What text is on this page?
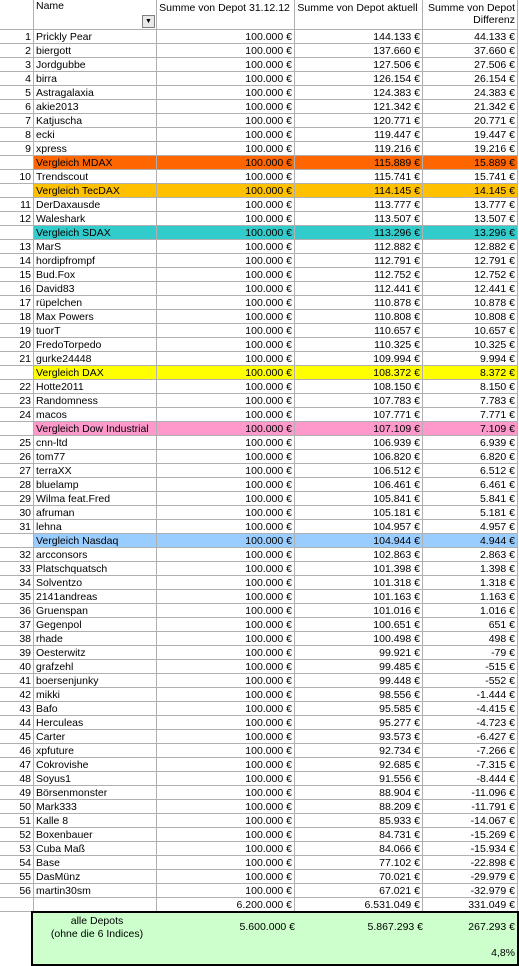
Name
▼
Summe von Depot 31.12.12 Summe von Depot aktuell Summe von Depot Differenz
1 Prickly Pear	100.000 €	144.133 €	44.133 €
2 biergott	100.000 €	137.660 €	37.660 €
3 Jordgubbe	100.000 €	127.506 €	27.506 €
4 birra	100.000 €	126.154 €	26.154 €
5 Astragalaxia	100.000 €	124.383 €	24.383 €
6 akie2013	100.000 €	121.342 €	21.342 €
7 Katjuscha	100.000 €	120.771 €	20.771 €
8 ecki	100.000 €	119.447 €	19.447 €
9 xpress	100.000 €	119.216 €	19.216 €
Vergleich MDAX	100.000 €	115.889 €	15.889 €
10 Trendscout	100.000 €	115.741 €	15.741 €
Vergleich TecDAX	100.000 €	114.145 €	14.145 €
11 DerDaxausde	100.000 €	113.777 €	13.777 €
12 Waleshark	100.000 €	113.507 €	13.507 €
Vergleich SDAX	100.000 €	113.296 €	13.296 €
13 MarS	100.000 €	112.882 €	12.882 €
14 hordipfrompf	100.000 €	112.791 €	12.791 €
15 Bud.Fox	100.000 €	112.752 €	12.752 €
16 David83	100.000 €	112.441 €	12.441 €
17 rüpelchen	100.000 €	110.878 €	10.878 €
18 Max Powers	100.000 €	110.808 €	10.808 €
19 tuorT	100.000 €	110.657 €	10.657 €
20 FredoTorpedo	100.000 €	110.325 €	10.325 €
21 gurke24448	100.000 €	109.994 €	9.994 €
Vergleich DAX	100.000 €	108.372 €	8.372 €
22 Hotte2011	100.000 €	108.150 €	8.150 €
23 Randomness	100.000 €	107.783 €	7.783 €
24 macos	100.000 €	107.771 €	7.771 €
Vergleich Dow Industrial	100.000 €	107.109 €	7.109 €
25 cnn-ltd	100.000 €	106.939 €	6.939 €
26 tom77	100.000 €	106.820 €	6.820 €
27 terraXX	100.000 €	106.512 €	6.512 €
28 bluelamp	100.000 €	106.461 €	6.461 €
29 Wilma feat.Fred	100.000 €	105.841 €	5.841 €
30 afruman	100.000 €	105.181 €	5.181 €
31 lehna	100.000 €	104.957 €	4.957 €
Vergleich Nasdaq	100.000 €	104.944 €	4.944 €
32 arcconsors	100.000 €	102.863 €	2.863 €
33 Platschquatsch	100.000 €	101.398 €	1.398 €
34 Solventzo	100.000 €	101.318 €	1.318 €
35 2141andreas	100.000 €	101.163 €	1.163 €
36 Gruenspan	100.000 €	101.016 €	1.016 €
37 Gegenpol	100.000 €	100.651 €	651 €
38 rhade	100.000 €	100.498 €	498 €
39 Oesterwitz	100.000 €	99.921 €	-79 €
40 grafzehl	100.000 €	99.485 €	-515 €
41 boersenjunky	100.000 €	99.448 €	-552 €
42 mikki	100.000 €	98.556 €	-1.444 €
43 Bafo	100.000 €	95.585 €	-4.415 €
44 Herculeas	100.000 €	95.277 €	-4.723 €
45 Carter	100.000 €	93.573 €	-6.427 €
46 xpfuture	100.000 €	92.734 €	-7.266 €
47 Cokrovishe	100.000 €	92.685 €	-7.315 €
48 Soyus1	100.000 €	91.556 €	-8.444 €
49 Börsenmonster	100.000 €	88.904 €	-11.096 €
50 Mark333	100.000 €	88.209 €	-11.791 €
51 Kalle 8	100.000 €	85.933 €	-14.067 €
52 Boxenbauer	100.000 €	84.731 €	-15.269 €
53 Cuba Maß	100.000 €	84.066 €	-15.934 €
54 Base	100.000 €	77.102 €	-22.898 €
55 DasMünz	100.000 €	70.021 €	-29.979 €
56 martin30sm	100.000 €	67.021 €	-32.979 €
6.200.000 €	6.531.049 €	331.049 €
alle Depots
(ohne die 6 Indices)
5.600.000 €	5.867.293 €	267.293 €
4,8%
